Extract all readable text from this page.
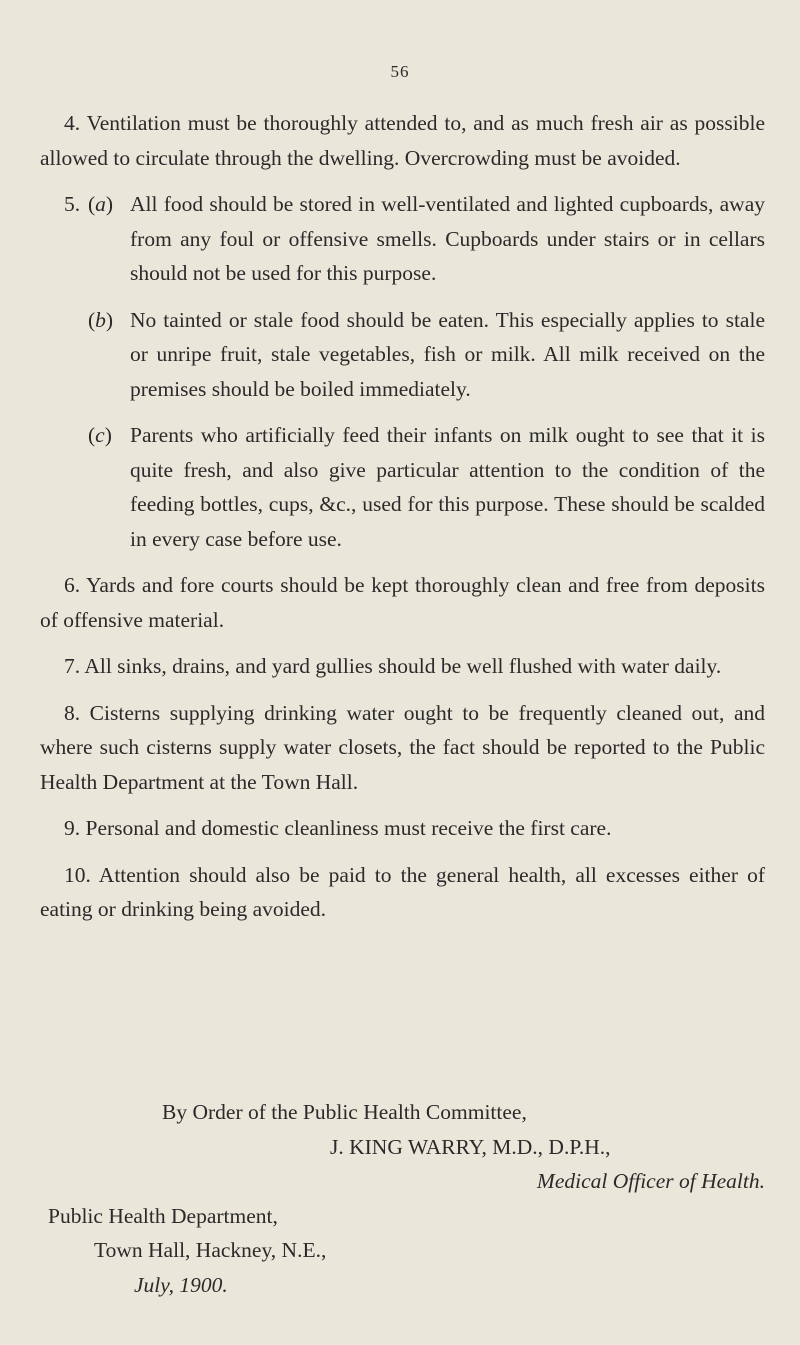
56

4. Ventilation must be thoroughly attended to, and as much fresh air as possible allowed to circulate through the dwelling. Overcrowding must be avoided.

5. (a) All food should be stored in well-ventilated and lighted cupboards, away from any foul or offensive smells. Cupboards under stairs or in cellars should not be used for this purpose.

(b) No tainted or stale food should be eaten. This especially applies to stale or unripe fruit, stale vegetables, fish or milk. All milk received on the premises should be boiled immediately.

(c) Parents who artificially feed their infants on milk ought to see that it is quite fresh, and also give particular attention to the condition of the feeding bottles, cups, &c., used for this purpose. These should be scalded in every case before use.

6. Yards and fore courts should be kept thoroughly clean and free from deposits of offensive material.

7. All sinks, drains, and yard gullies should be well flushed with water daily.

8. Cisterns supplying drinking water ought to be frequently cleaned out, and where such cisterns supply water closets, the fact should be reported to the Public Health Department at the Town Hall.

9. Personal and domestic cleanliness must receive the first care.

10. Attention should also be paid to the general health, all excesses either of eating or drinking being avoided.

By Order of the Public Health Committee,
J. KING WARRY, M.D., D.P.H.,
Medical Officer of Health.
Public Health Department,
Town Hall, Hackney, N.E.,
July, 1900.
